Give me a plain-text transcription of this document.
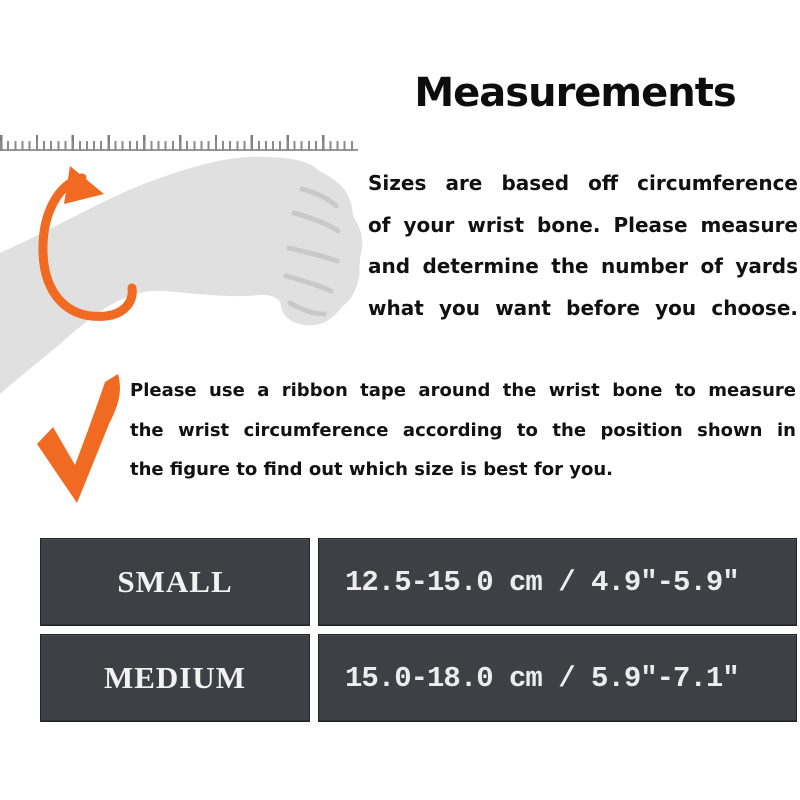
Measurements
Sizes are based off circumference
of your wrist bone. Please measure
and determine the number of yards
what you want before you choose.
Please use a ribbon tape around the wrist bone to measure
the wrist circumference according to the position shown in
the figure to find out which size is best for you.
SMALL	12.5-15.0 cm / 4.9"-5.9"
MEDIUM	15.0-18.0 cm / 5.9"-7.1"
